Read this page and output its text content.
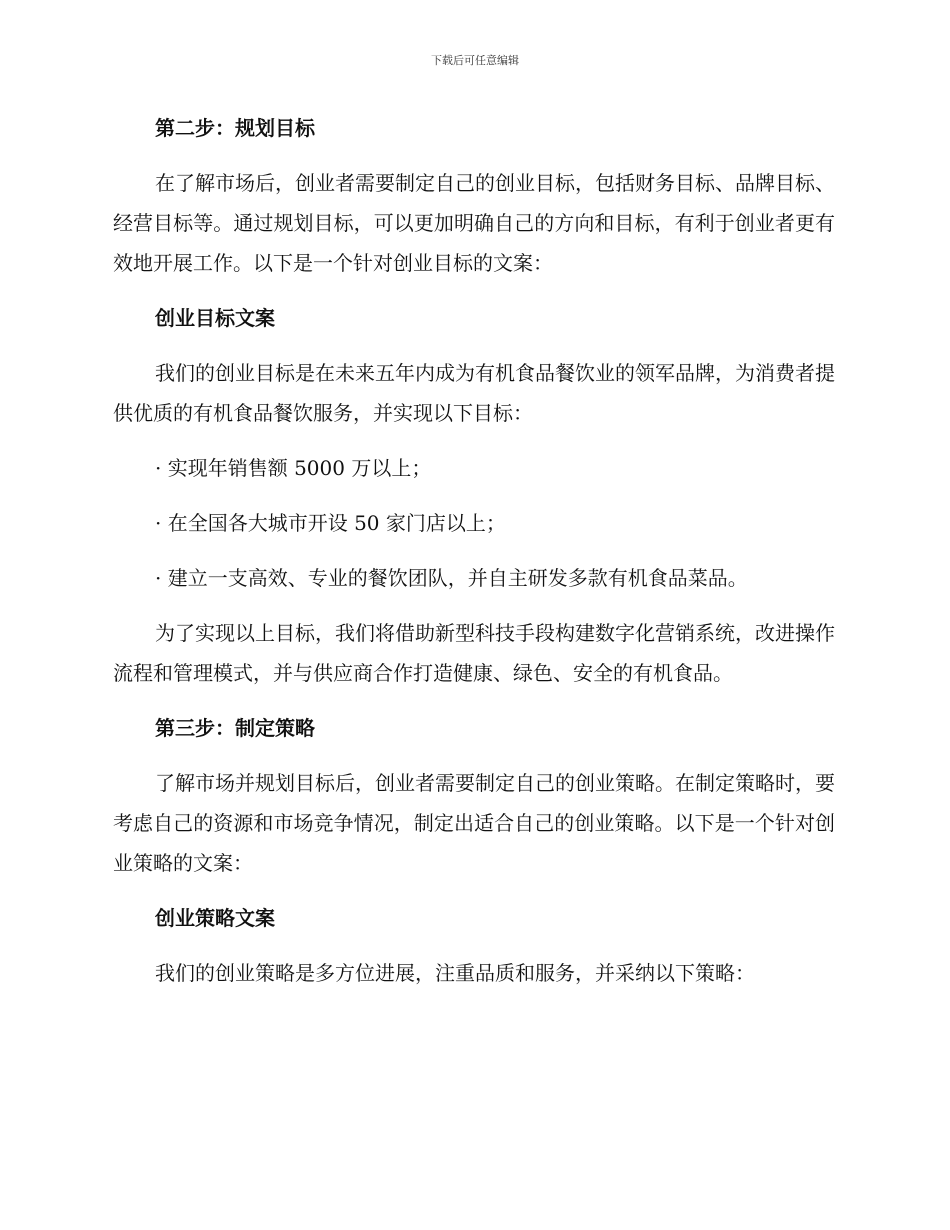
下载后可任意编辑
第二步：规划目标

在了解市场后，创业者需要制定自己的创业目标，包括财务目标、品牌目标、经营目标等。通过规划目标，可以更加明确自己的方向和目标，有利于创业者更有效地开展工作。以下是一个针对创业目标的文案：

创业目标文案

我们的创业目标是在未来五年内成为有机食品餐饮业的领军品牌，为消费者提供优质的有机食品餐饮服务，并实现以下目标：

· 实现年销售额 5000 万以上；

· 在全国各大城市开设 50 家门店以上；

· 建立一支高效、专业的餐饮团队，并自主研发多款有机食品菜品。

为了实现以上目标，我们将借助新型科技手段构建数字化营销系统，改进操作流程和管理模式，并与供应商合作打造健康、绿色、安全的有机食品。

第三步：制定策略

了解市场并规划目标后，创业者需要制定自己的创业策略。在制定策略时，要考虑自己的资源和市场竞争情况，制定出适合自己的创业策略。以下是一个针对创业策略的文案：

创业策略文案

我们的创业策略是多方位进展，注重品质和服务，并采纳以下策略：
